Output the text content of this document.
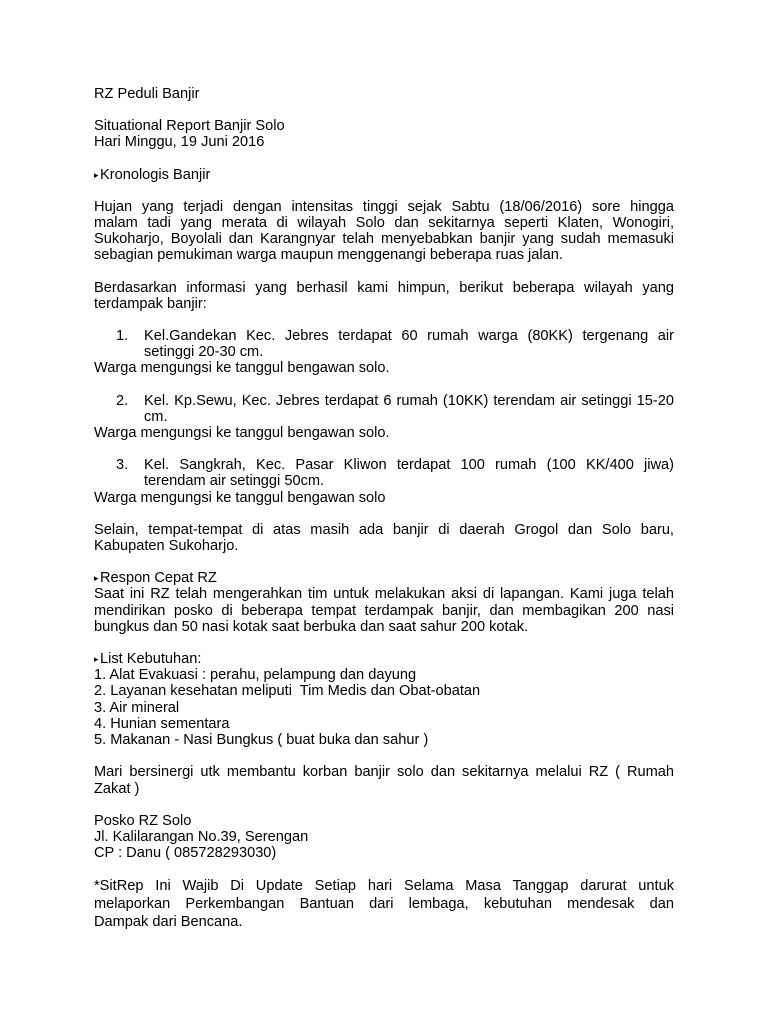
RZ Peduli Banjir
Situational Report Banjir Solo
Hari Minggu, 19 Juni 2016
▸Kronologis Banjir
Hujan yang terjadi dengan intensitas tinggi sejak Sabtu (18/06/2016) sore hingga
malam tadi yang merata di wilayah Solo dan sekitarnya seperti Klaten, Wonogiri,
Sukoharjo, Boyolali dan Karangnyar telah menyebabkan banjir yang sudah memasuki
sebagian pemukiman warga maupun menggenangi beberapa ruas jalan.
Berdasarkan informasi yang berhasil kami himpun, berikut beberapa wilayah yang
terdampak banjir:
1.	Kel.Gandekan Kec. Jebres terdapat 60 rumah warga (80KK) tergenang air
setinggi 20-30 cm.
Warga mengungsi ke tanggul bengawan solo.
2.	Kel. Kp.Sewu, Kec. Jebres terdapat 6 rumah (10KK) terendam air setinggi 15-20
cm.
Warga mengungsi ke tanggul bengawan solo.
3.	Kel. Sangkrah, Kec. Pasar Kliwon terdapat 100 rumah (100 KK/400 jiwa)
terendam air setinggi 50cm.
Warga mengungsi ke tanggul bengawan solo
Selain, tempat-tempat di atas masih ada banjir di daerah Grogol dan Solo baru,
Kabupaten Sukoharjo.
▸Respon Cepat RZ
Saat ini RZ telah mengerahkan tim untuk melakukan aksi di lapangan. Kami juga telah
mendirikan posko di beberapa tempat terdampak banjir, dan membagikan 200 nasi
bungkus dan 50 nasi kotak saat berbuka dan saat sahur 200 kotak.
▸List Kebutuhan:
1. Alat Evakuasi : perahu, pelampung dan dayung
2. Layanan kesehatan meliputi  Tim Medis dan Obat-obatan
3. Air mineral
4. Hunian sementara
5. Makanan - Nasi Bungkus ( buat buka dan sahur )
Mari bersinergi utk membantu korban banjir solo dan sekitarnya melalui RZ ( Rumah
Zakat )
Posko RZ Solo
Jl. Kalilarangan No.39, Serengan
CP : Danu ( 085728293030)
*SitRep Ini Wajib Di Update Setiap hari Selama Masa Tanggap darurat untuk
melaporkan Perkembangan Bantuan dari lembaga, kebutuhan mendesak dan
Dampak dari Bencana.
